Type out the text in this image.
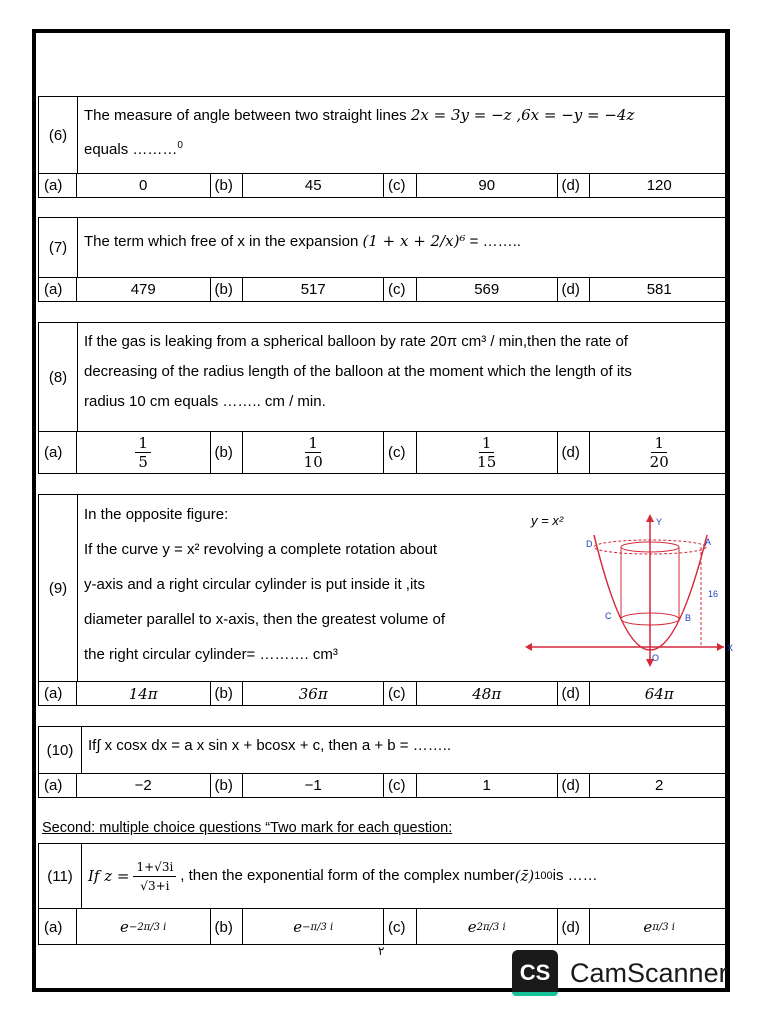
(6)
The measure of angle between two straight lines 2x = 3y = −z ,6x = −y = −4z
equals ………$^0$
(a)	0	(b)	45	(c)	90	(d)	120
(7)	The term which free of x in the expansion (1 + x + 2/x)⁶ = ……..
(a)	479	(b)	517	(c)	569	(d)	581
(8)
If the gas is leaking from a spherical balloon by rate 20π cm³ / min,then the rate of
decreasing of the radius length of the balloon at the moment which the length of its
radius 10 cm equals …….. cm / min.
(a)	$\frac{1}{5}$	(b)	$\frac{1}{10}$	(c)	$\frac{1}{15}$	(d)	$\frac{1}{20}$
(9)
In the opposite figure:
If the curve y = x² revolving a complete rotation about
y-axis and a right circular cylinder is put inside it ,its
diameter parallel to x-axis, then the greatest volume of
the right circular cylinder= ………. cm³
y = x²	Y
X
O
A
B
C
D
16
(a)	14π	(b)	36π	(c)	48π	(d)	64π
(10) If∫ x cosx dx = a x sin x + bcosx + c, then a + b = ……..
(a)	−2	(b)	−1	(c)	1	(d)	2
Second: multiple choice questions “Two mark for each question:
(11)	If $z = \frac{1+√3i}{√3+i}$ , then the exponential form of the complex number (z̄) 100 is ……
(a)	e −2π/3 i	(b)	e −π/3 i	(c)	e 2π/3 i	(d)	e π/3 i
٢
CS CamScanner
